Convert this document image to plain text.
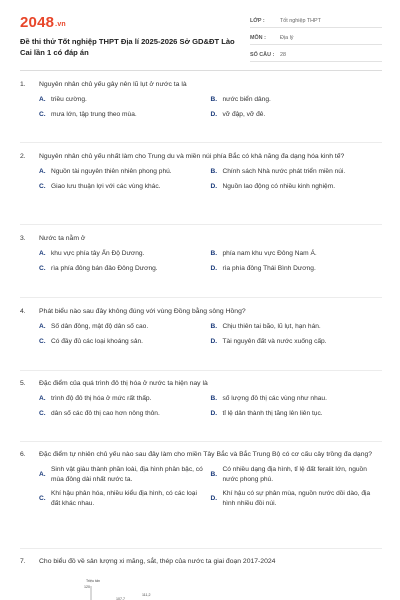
2048.vn
Đề thi thử Tốt nghiệp THPT Địa lí 2025-2026 Sở GD&ĐT Lào Cai lần 1 có đáp án
LỚP :	Tốt nghiệp THPT
MÔN :	Địa lý
SỐ CÂU :	28
1.	Nguyên nhân chủ yếu gây nên lũ lụt ở nước ta là
A. triều cường.	B. nước biển dâng.
C. mưa lớn, tập trung theo mùa.	D. vỡ đập, vỡ đê.
2.	Nguyên nhân chủ yếu nhất làm cho Trung du và miền núi phía Bắc có khả năng đa dạng hóa kinh tế?
A. Nguồn tài nguyên thiên nhiên phong phú.	B. Chính sách Nhà nước phát triển miền núi.
C. Giao lưu thuận lợi với các vùng khác.	D. Nguồn lao động có nhiều kinh nghiệm.
3.	Nước ta nằm ở
A. khu vực phía tây Ấn Độ Dương.	B. phía nam khu vực Đông Nam Á.
C. rìa phía đông bán đảo Đông Dương.	D. rìa phía đông Thái Bình Dương.
4.	Phát biểu nào sau đây không đúng với vùng Đồng bằng sông Hồng?
A. Số dân đông, mật độ dân số cao.	B. Chịu thiên tai bão, lũ lụt, hạn hán.
C. Có đầy đủ các loại khoáng sản.	D. Tài nguyên đất và nước xuống cấp.
5.	Đặc điểm của quá trình đô thị hóa ở nước ta hiện nay là
A. trình độ đô thị hóa ở mức rất thấp.	B. số lượng đô thị các vùng như nhau.
C. dân số các đô thị cao hơn nông thôn.	D. tỉ lệ dân thành thị tăng lên liên tục.
6.	Đặc điểm tự nhiên chủ yếu nào sau đây làm cho miền Tây Bắc và Bắc Trung Bộ có cơ cấu cây trồng đa dạng?
A.
Sinh vật giàu thành phần loài, địa hình phân bậc, có mùa đông dài nhất nước ta.
B.
Có nhiều dạng địa hình, tỉ lệ đất feralit lớn, nguồn nước phong phú.
C.
Khí hậu phân hóa, nhiều kiểu địa hình, có các loại đất khác nhau.
D.
Khí hậu có sự phân mùa, nguồn nước dồi dào, địa hình nhiều đồi núi.
7.	Cho biểu đồ về sản lượng xi măng, sắt, thép của nước ta giai đoạn 2017-2024
Triệu tấn
120
107,7
111,2
